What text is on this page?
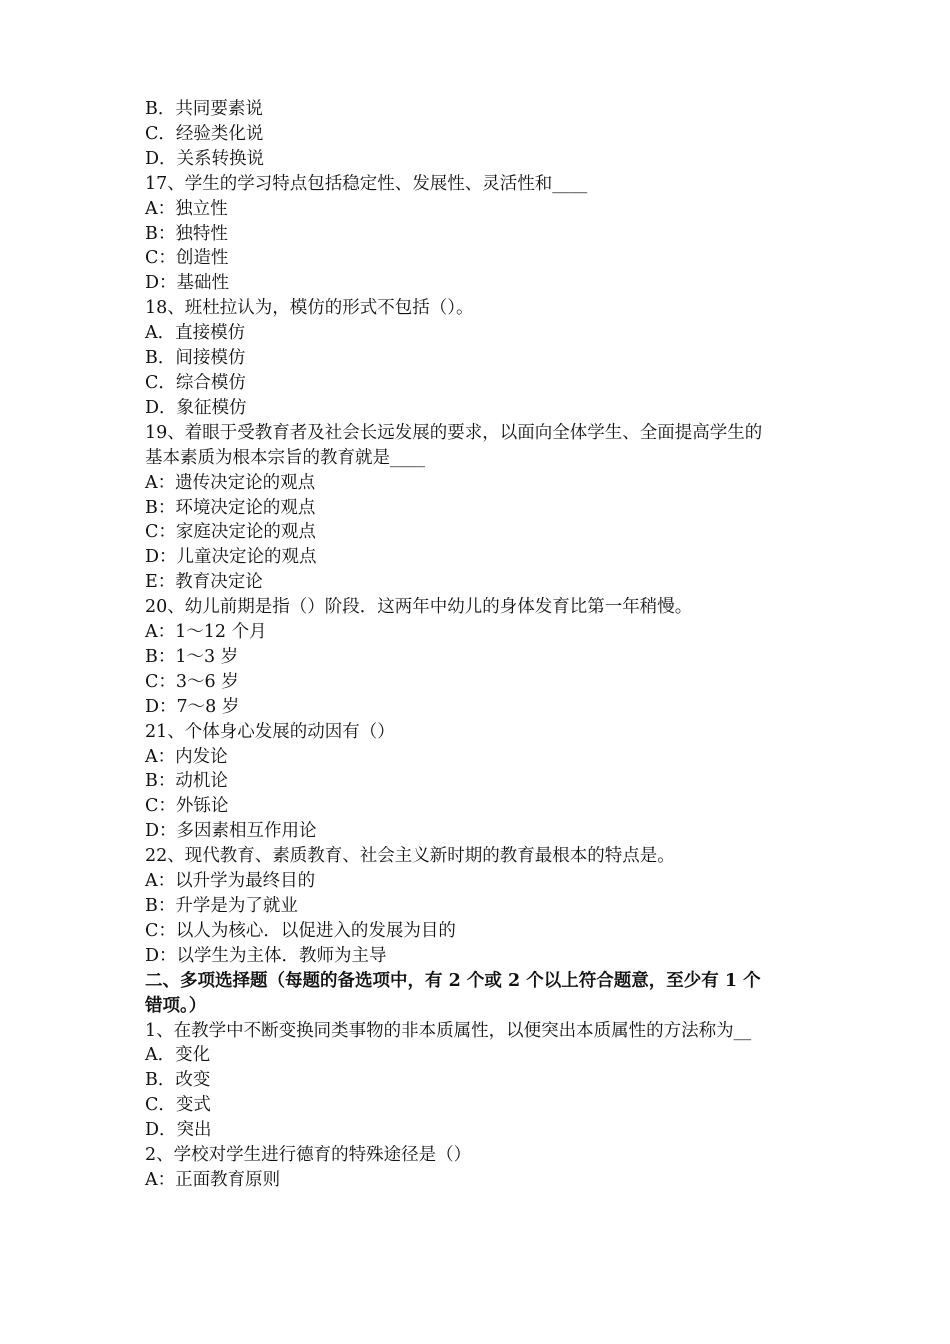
B．共同要素说
C．经验类化说
D．关系转换说
17、学生的学习特点包括稳定性、发展性、灵活性和____
A：独立性
B：独特性
C：创造性
D：基础性
18、班杜拉认为，模仿的形式不包括（）。
A．直接模仿
B．间接模仿
C．综合模仿
D．象征模仿
19、着眼于受教育者及社会长远发展的要求，以面向全体学生、全面提高学生的
基本素质为根本宗旨的教育就是____
A：遗传决定论的观点
B：环境决定论的观点
C：家庭决定论的观点
D：儿童决定论的观点
E：教育决定论
20、幼儿前期是指（）阶段．这两年中幼儿的身体发育比第一年稍慢。
A：1～12 个月
B：1～3 岁
C：3～6 岁
D：7～8 岁
21、个体身心发展的动因有（）
A：内发论
B：动机论
C：外铄论
D：多因素相互作用论
22、现代教育、素质教育、社会主义新时期的教育最根本的特点是。
A：以升学为最终目的
B：升学是为了就业
C：以人为核心．以促进入的发展为目的
D：以学生为主体．教师为主导
二、多项选择题（每题的备选项中，有 2 个或 2 个以上符合题意，至少有 1 个
错项。）
1、在教学中不断变换同类事物的非本质属性，以便突出本质属性的方法称为__
A．变化
B．改变
C．变式
D．突出
2、学校对学生进行德育的特殊途径是（）
A：正面教育原则
